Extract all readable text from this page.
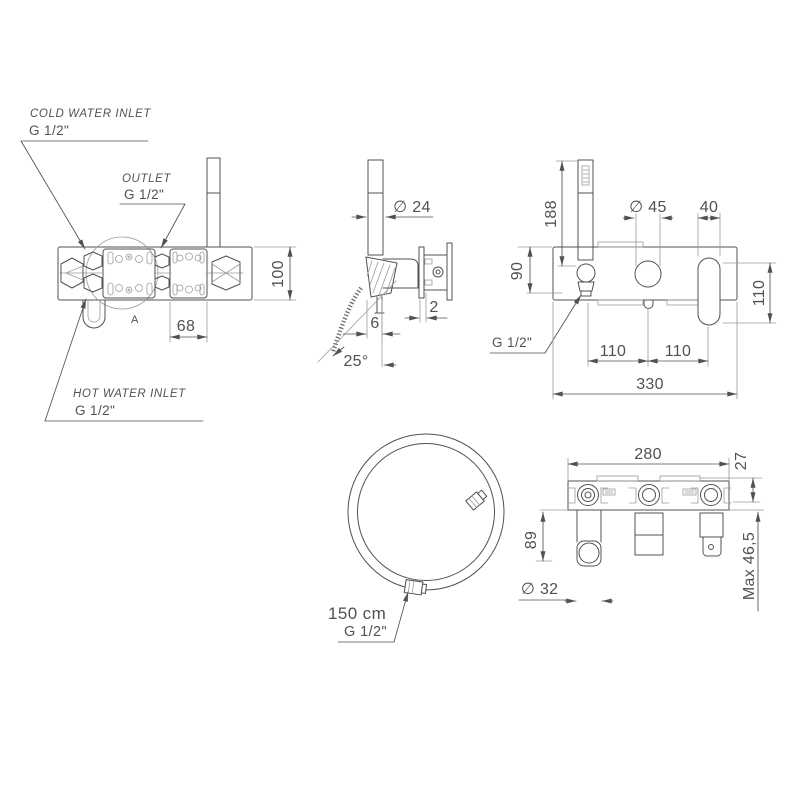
100
68
COLD WATER INLET
G 1/2"
OUTLET
G 1/2"
HOT WATER INLET
G 1/2"
A
25°
∅ 24
6
2
188
90
G 1/2"
∅ 45 40
110
110 110
330
150 cm
G 1/2"
280	27
89
∅ 32	Max 46,5
